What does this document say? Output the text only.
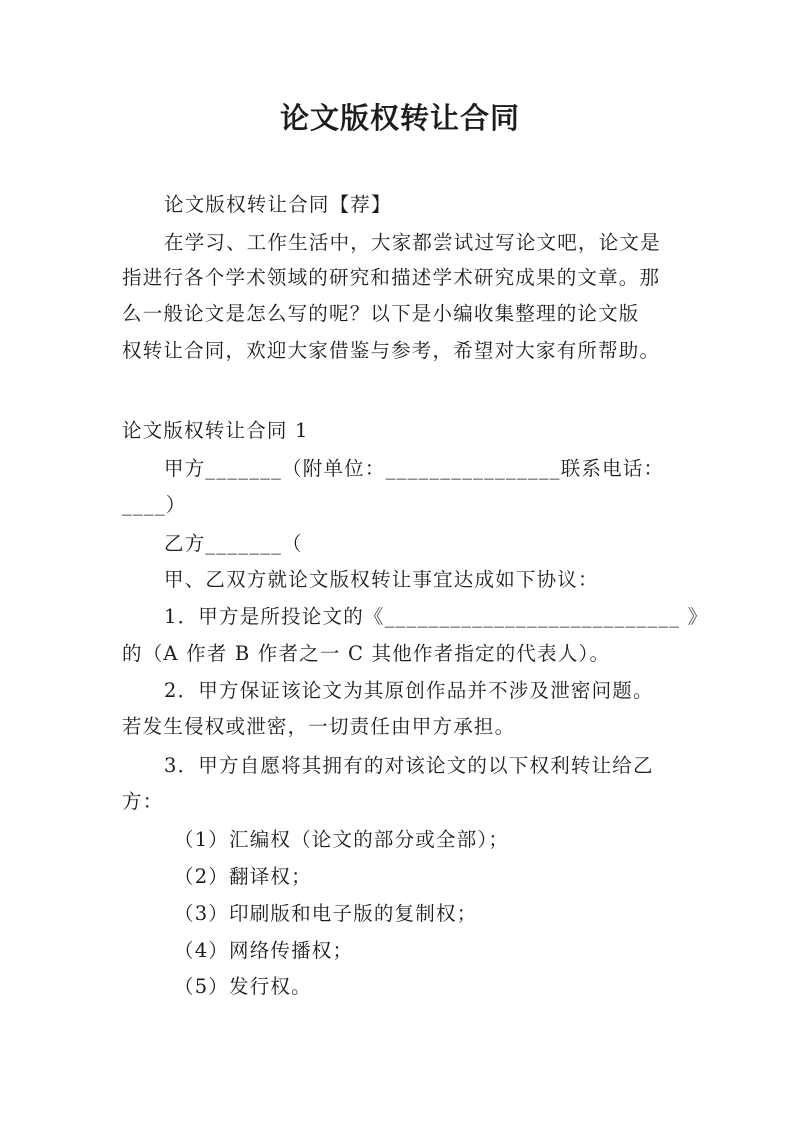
论文版权转让合同
论文版权转让合同【荐】
在学习、工作生活中，大家都尝试过写论文吧，论文是
指进行各个学术领域的研究和描述学术研究成果的文章。那
么一般论文是怎么写的呢？以下是小编收集整理的论文版
权转让合同，欢迎大家借鉴与参考，希望对大家有所帮助。
论文版权转让合同 1
甲方_______（附单位：________________联系电话：
____）
乙方_______（
甲、乙双方就论文版权转让事宜达成如下协议：
1．甲方是所投论文的《___________________________ 》
的（A 作者 B 作者之一 C 其他作者指定的代表人）。
2．甲方保证该论文为其原创作品并不涉及泄密问题。
若发生侵权或泄密，一切责任由甲方承担。
3．甲方自愿将其拥有的对该论文的以下权利转让给乙
方：
（1）汇编权（论文的部分或全部）；
（2）翻译权；
（3）印刷版和电子版的复制权；
（4）网络传播权；
（5）发行权。
